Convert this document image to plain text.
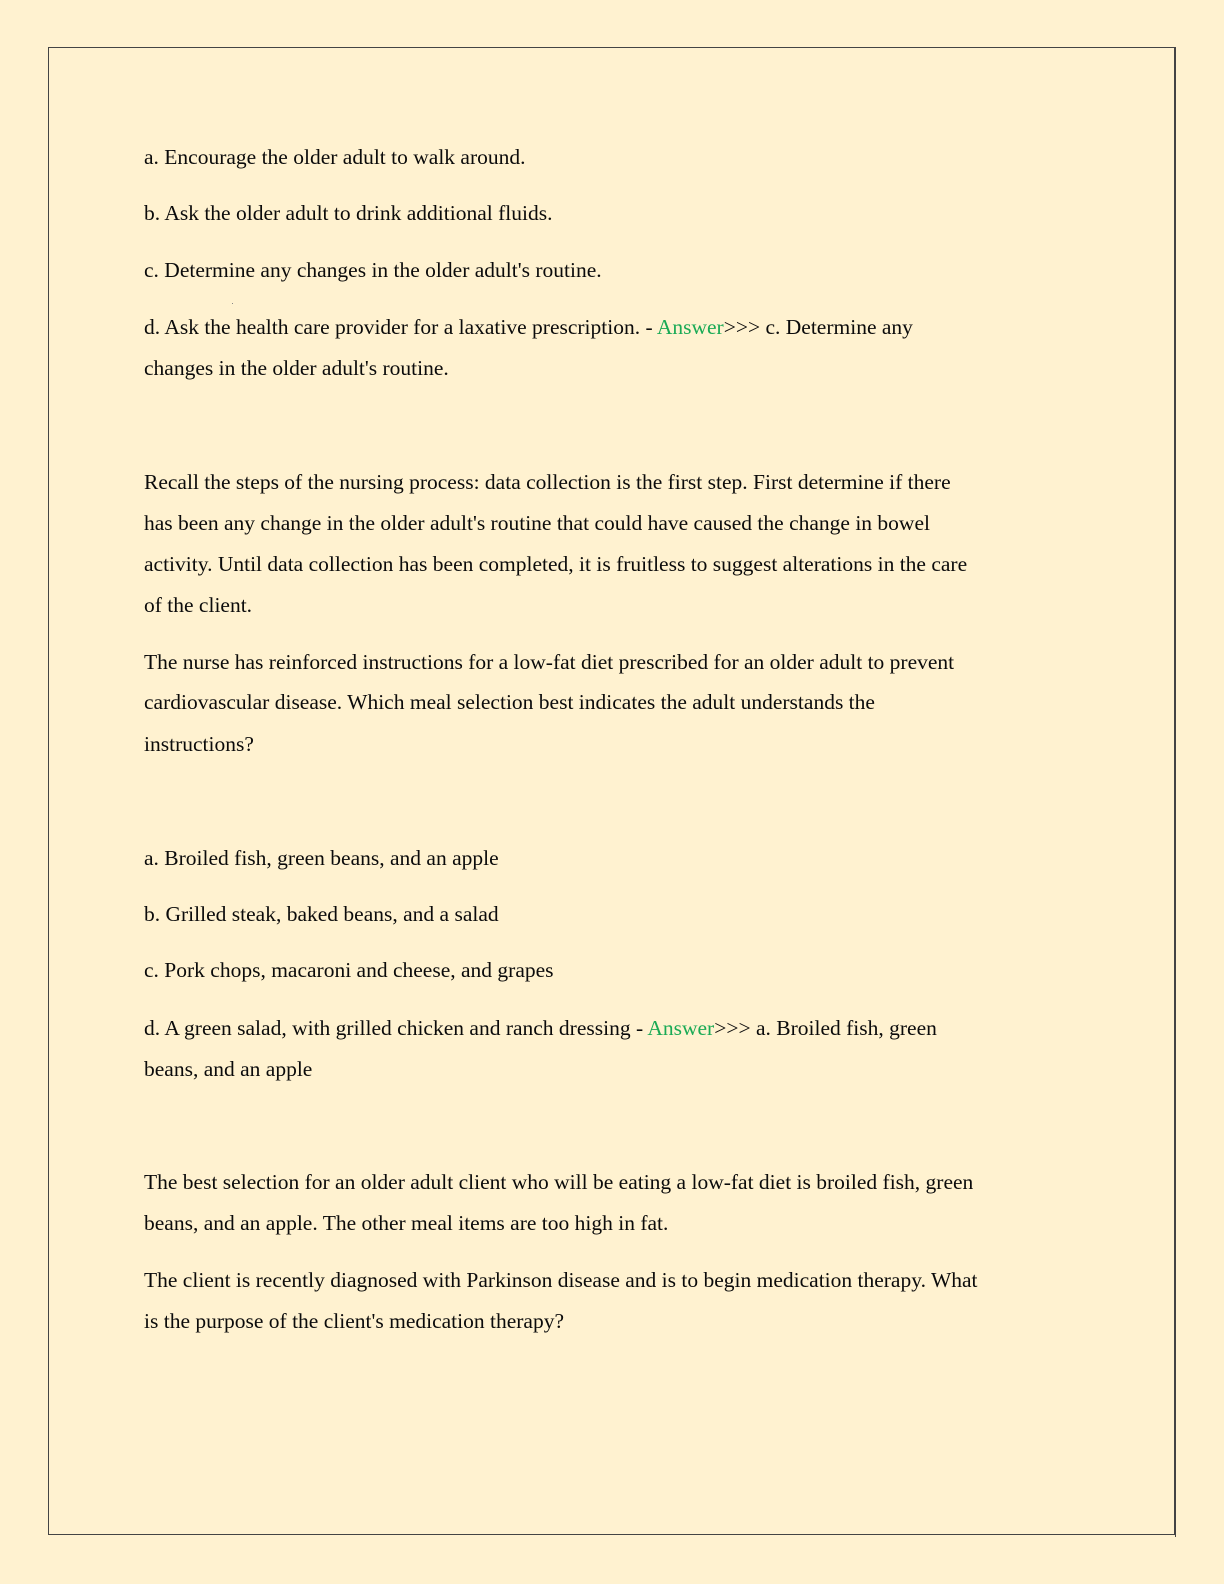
a. Encourage the older adult to walk around.
b. Ask the older adult to drink additional fluids.
c. Determine any changes in the older adult's routine.
d. Ask the health care provider for a laxative prescription. - Answer>>> c. Determine any
changes in the older adult's routine.
Recall the steps of the nursing process: data collection is the first step. First determine if there
has been any change in the older adult's routine that could have caused the change in bowel
activity. Until data collection has been completed, it is fruitless to suggest alterations in the care
of the client.
The nurse has reinforced instructions for a low-fat diet prescribed for an older adult to prevent
cardiovascular disease. Which meal selection best indicates the adult understands the
instructions?
a. Broiled fish, green beans, and an apple
b. Grilled steak, baked beans, and a salad
c. Pork chops, macaroni and cheese, and grapes
d. A green salad, with grilled chicken and ranch dressing - Answer>>> a. Broiled fish, green
beans, and an apple
The best selection for an older adult client who will be eating a low-fat diet is broiled fish, green
beans, and an apple. The other meal items are too high in fat.
The client is recently diagnosed with Parkinson disease and is to begin medication therapy. What
is the purpose of the client's medication therapy?
